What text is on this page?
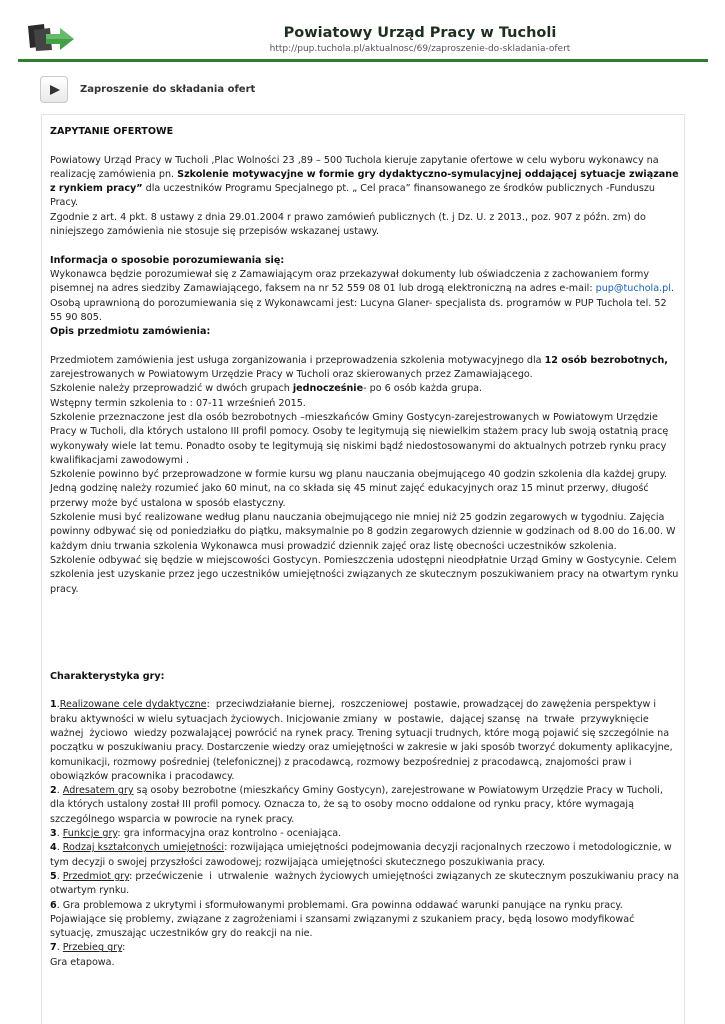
Powiatowy Urząd Pracy w Tucholi
http://pup.tuchola.pl/aktualnosc/69/zaproszenie-do-skladania-ofert
Zaproszenie do składania ofert

ZAPYTANIE OFERTOWE

Powiatowy Urząd Pracy w Tucholi ,Plac Wolności 23 ,89 – 500 Tuchola kieruje zapytanie ofertowe w celu wyboru wykonawcy na realizację zamówienia pn. Szkolenie motywacyjne w formie gry dydaktyczno-symulacyjnej oddającej sytuacje związane z rynkiem pracy” dla uczestników Programu Specjalnego pt. „ Cel praca” finansowanego ze środków publicznych -Funduszu Pracy.

Zgodnie z art. 4 pkt. 8 ustawy z dnia 29.01.2004 r prawo zamówień publicznych (t. j Dz. U. z 2013., poz. 907 z późn. zm) do niniejszego zamówienia nie stosuje się przepisów wskazanej ustawy.

Informacja o sposobie porozumiewania się:

Wykonawca będzie porozumiewał się z Zamawiającym oraz przekazywał dokumenty lub oświadczenia z zachowaniem formy pisemnej na adres siedziby Zamawiającego, faksem na nr 52 559 08 01 lub drogą elektroniczną na adres e-mail: pup@tuchola.pl. Osobą uprawnioną do porozumiewania się z Wykonawcami jest: Lucyna Glaner- specjalista ds. programów w PUP Tuchola tel. 52 55 90 805.

Opis przedmiotu zamówienia:

Przedmiotem zamówienia jest usługa zorganizowania i przeprowadzenia szkolenia motywacyjnego dla 12 osób bezrobotnych, zarejestrowanych w Powiatowym Urzędzie Pracy w Tucholi oraz skierowanych przez Zamawiającego.

Szkolenie należy przeprowadzić w dwóch grupach jednocześnie- po 6 osób każda grupa.

Wstępny termin szkolenia to : 07-11 wrześnień 2015.

Szkolenie przeznaczone jest dla osób bezrobotnych –mieszkańców Gminy Gostycyn-zarejestrowanych w Powiatowym Urzędzie Pracy w Tucholi, dla których ustalono III profil pomocy. Osoby te legitymują się niewielkim stażem pracy lub swoją ostatnią pracę wykonywały wiele lat temu. Ponadto osoby te legitymują się niskimi bądź niedostosowanymi do aktualnych potrzeb rynku pracy kwalifikacjami zawodowymi .

Szkolenie powinno być przeprowadzone w formie kursu wg planu nauczania obejmującego 40 godzin szkolenia dla każdej grupy. Jedną godzinę należy rozumieć jako 60 minut, na co składa się 45 minut zajęć edukacyjnych oraz 15 minut przerwy, długość przerwy może być ustalona w sposób elastyczny.

Szkolenie musi być realizowane według planu nauczania obejmującego nie mniej niż 25 godzin zegarowych w tygodniu. Zajęcia powinny odbywać się od poniedziałku do piątku, maksymalnie po 8 godzin zegarowych dziennie w godzinach od 8.00 do 16.00. W każdym dniu trwania szkolenia Wykonawca musi prowadzić dziennik zajęć oraz listę obecności uczestników szkolenia.

Szkolenie odbywać się będzie w miejscowości Gostycyn. Pomieszczenia udostępni nieodpłatnie Urząd Gminy w Gostycynie. Celem szkolenia jest uzyskanie przez jego uczestników umiejętności związanych ze skutecznym poszukiwaniem pracy na otwartym rynku pracy.

Charakterystyka gry:

1.Realizowane cele dydaktyczne:  przeciwdziałanie biernej,  roszczeniowej  postawie, prowadzącej do zawężenia perspektyw i braku aktywności w wielu sytuacjach życiowych. Inicjowanie zmiany  w  postawie,  dającej szansę  na  trwałe  przywyknięcie ważnej  życiowo  wiedzy pozwalającej powrócić na rynek pracy. Trening sytuacji trudnych, które mogą pojawić się szczególnie na początku w poszukiwaniu pracy. Dostarczenie wiedzy oraz umiejętności w zakresie w jaki sposób tworzyć dokumenty aplikacyjne, komunikacji, rozmowy pośredniej (telefonicznej) z pracodawcą, rozmowy bezpośredniej z pracodawcą, znajomości praw i obowiązków pracownika i pracodawcy.

2. Adresatem gry są osoby bezrobotne (mieszkańcy Gminy Gostycyn), zarejestrowane w Powiatowym Urzędzie Pracy w Tucholi,  dla których ustalony został III profil pomocy. Oznacza to, że są to osoby mocno oddalone od rynku pracy, które wymagają szczególnego wsparcia w powrocie na rynek pracy.

3. Funkcje gry: gra informacyjna oraz kontrolno - oceniająca.

4. Rodzaj kształconych umiejętności: rozwijająca umiejętności podejmowania decyzji racjonalnych rzeczowo i metodologicznie, w tym decyzji o swojej przyszłości zawodowej; rozwijająca umiejętności skutecznego poszukiwania pracy.

5. Przedmiot gry: przećwiczenie  i  utrwalenie  ważnych życiowych umiejętności związanych ze skutecznym poszukiwaniu pracy na otwartym rynku.

6. Gra problemowa z ukrytymi i sformułowanymi problemami. Gra powinna oddawać warunki panujące na rynku pracy. Pojawiające się problemy, związane z zagrożeniami i szansami związanymi z szukaniem pracy, będą losowo modyfikować sytuację, zmuszając uczestników gry do reakcji na nie.

7. Przebieg gry:

Gra etapowa.
